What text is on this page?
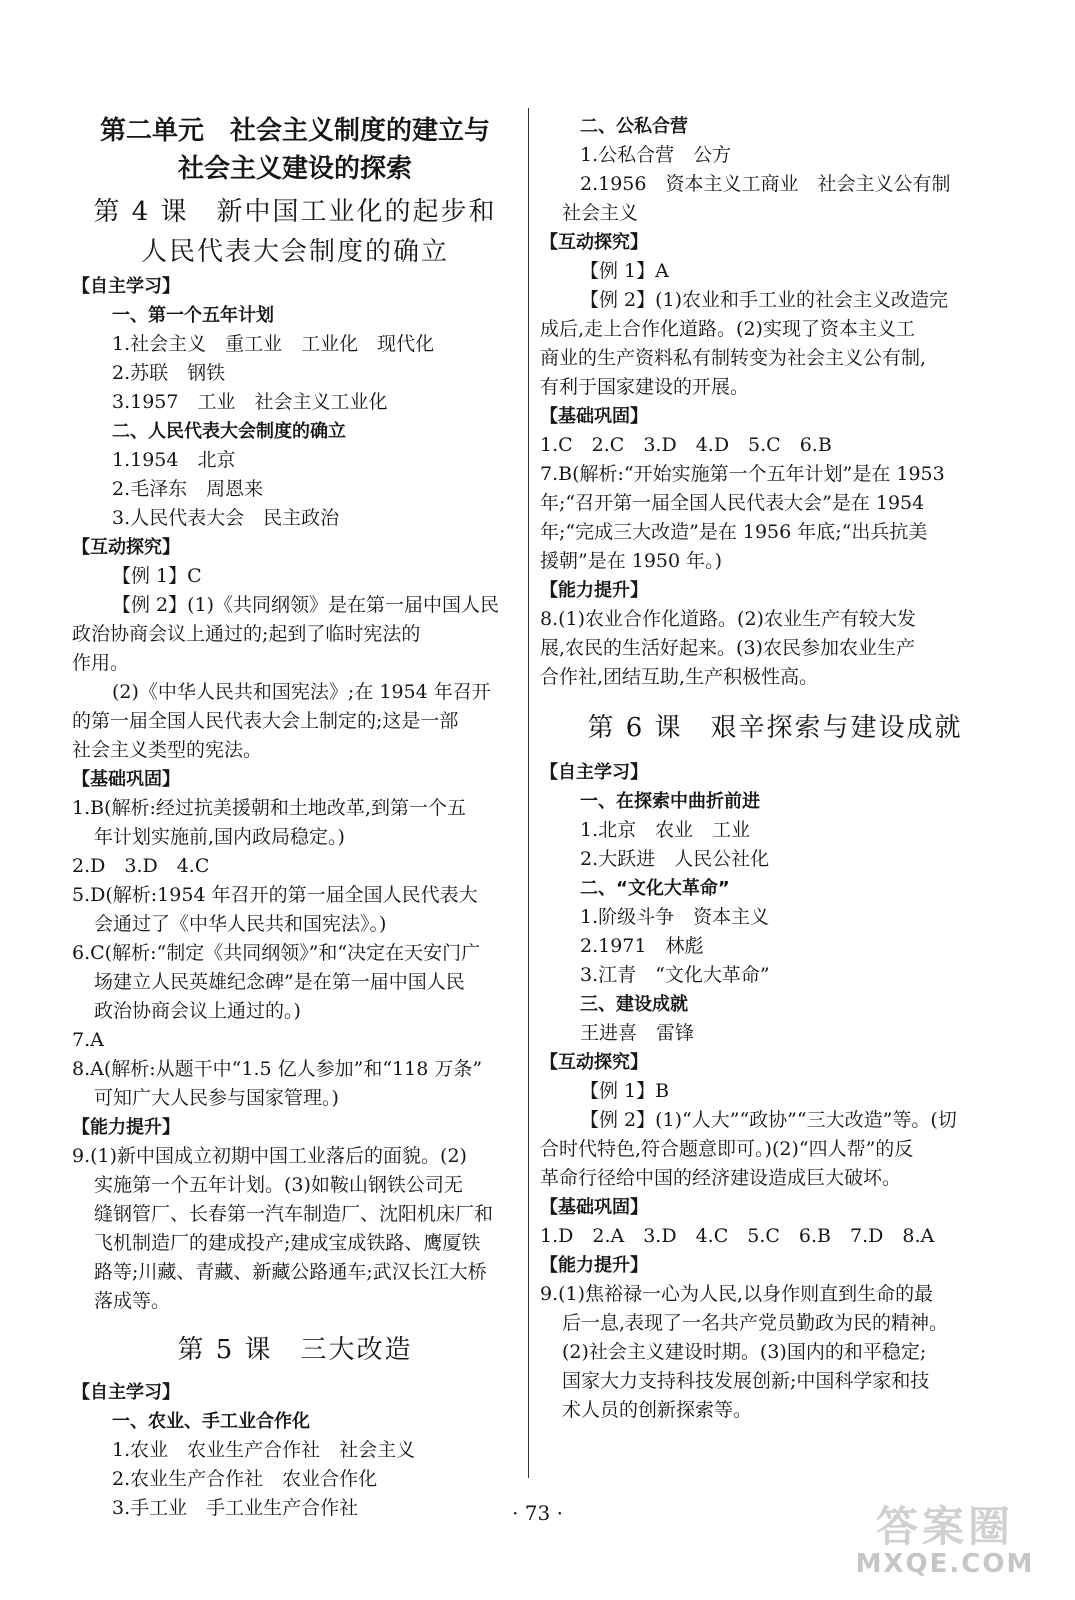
第二单元　社会主义制度的建立与
社会主义建设的探索
第 4 课　新中国工业化的起步和
人民代表大会制度的确立
【自主学习】
一、第一个五年计划
1.社会主义　重工业　工业化　现代化
2.苏联　钢铁
3.1957　工业　社会主义工业化
二、人民代表大会制度的确立
1.1954　北京
2.毛泽东　周恩来
3.人民代表大会　民主政治
【互动探究】
【例 1】C
【例 2】(1)《共同纲领》是在第一届中国人民
政治协商会议上通过的;起到了临时宪法的
作用。
(2)《中华人民共和国宪法》;在 1954 年召开
的第一届全国人民代表大会上制定的;这是一部
社会主义类型的宪法。
【基础巩固】
1.B(解析:经过抗美援朝和土地改革,到第一个五
年计划实施前,国内政局稳定。)
2.D　3.D　4.C
5.D(解析:1954 年召开的第一届全国人民代表大
会通过了《中华人民共和国宪法》。)
6.C(解析:“制定《共同纲领》”和“决定在天安门广
场建立人民英雄纪念碑”是在第一届中国人民
政治协商会议上通过的。)
7.A
8.A(解析:从题干中“1.5 亿人参加”和“118 万条”
可知广大人民参与国家管理。)
【能力提升】
9.(1)新中国成立初期中国工业落后的面貌。(2)
实施第一个五年计划。(3)如鞍山钢铁公司无
缝钢管厂、长春第一汽车制造厂、沈阳机床厂和
飞机制造厂的建成投产;建成宝成铁路、鹰厦铁
路等;川藏、青藏、新藏公路通车;武汉长江大桥
落成等。
第 5 课　三大改造
【自主学习】
一、农业、手工业合作化
1.农业　农业生产合作社　社会主义
2.农业生产合作社　农业合作化
3.手工业　手工业生产合作社
二、公私合营
1.公私合营　公方
2.1956　资本主义工商业　社会主义公有制
社会主义
【互动探究】
【例 1】A
【例 2】(1)农业和手工业的社会主义改造完
成后,走上合作化道路。(2)实现了资本主义工
商业的生产资料私有制转变为社会主义公有制,
有利于国家建设的开展。
【基础巩固】
1.C　2.C　3.D　4.D　5.C　6.B
7.B(解析:“开始实施第一个五年计划”是在 1953
年;“召开第一届全国人民代表大会”是在 1954
年;“完成三大改造”是在 1956 年底;“出兵抗美
援朝”是在 1950 年。)
【能力提升】
8.(1)农业合作化道路。(2)农业生产有较大发
展,农民的生活好起来。(3)农民参加农业生产
合作社,团结互助,生产积极性高。
第 6 课　艰辛探索与建设成就
【自主学习】
一、在探索中曲折前进
1.北京　农业　工业
2.大跃进　人民公社化
二、“文化大革命”
1.阶级斗争　资本主义
2.1971　林彪
3.江青　“文化大革命”
三、建设成就
王进喜　雷锋
【互动探究】
【例 1】B
【例 2】(1)“人大”“政协”“三大改造”等。(切
合时代特色,符合题意即可。)(2)“四人帮”的反
革命行径给中国的经济建设造成巨大破坏。
【基础巩固】
1.D　2.A　3.D　4.C　5.C　6.B　7.D　8.A
【能力提升】
9.(1)焦裕禄一心为人民,以身作则直到生命的最
后一息,表现了一名共产党员勤政为民的精神。
(2)社会主义建设时期。(3)国内的和平稳定;
国家大力支持科技发展创新;中国科学家和技
术人员的创新探索等。
· 73 ·	答案圈
MXQE.COM
